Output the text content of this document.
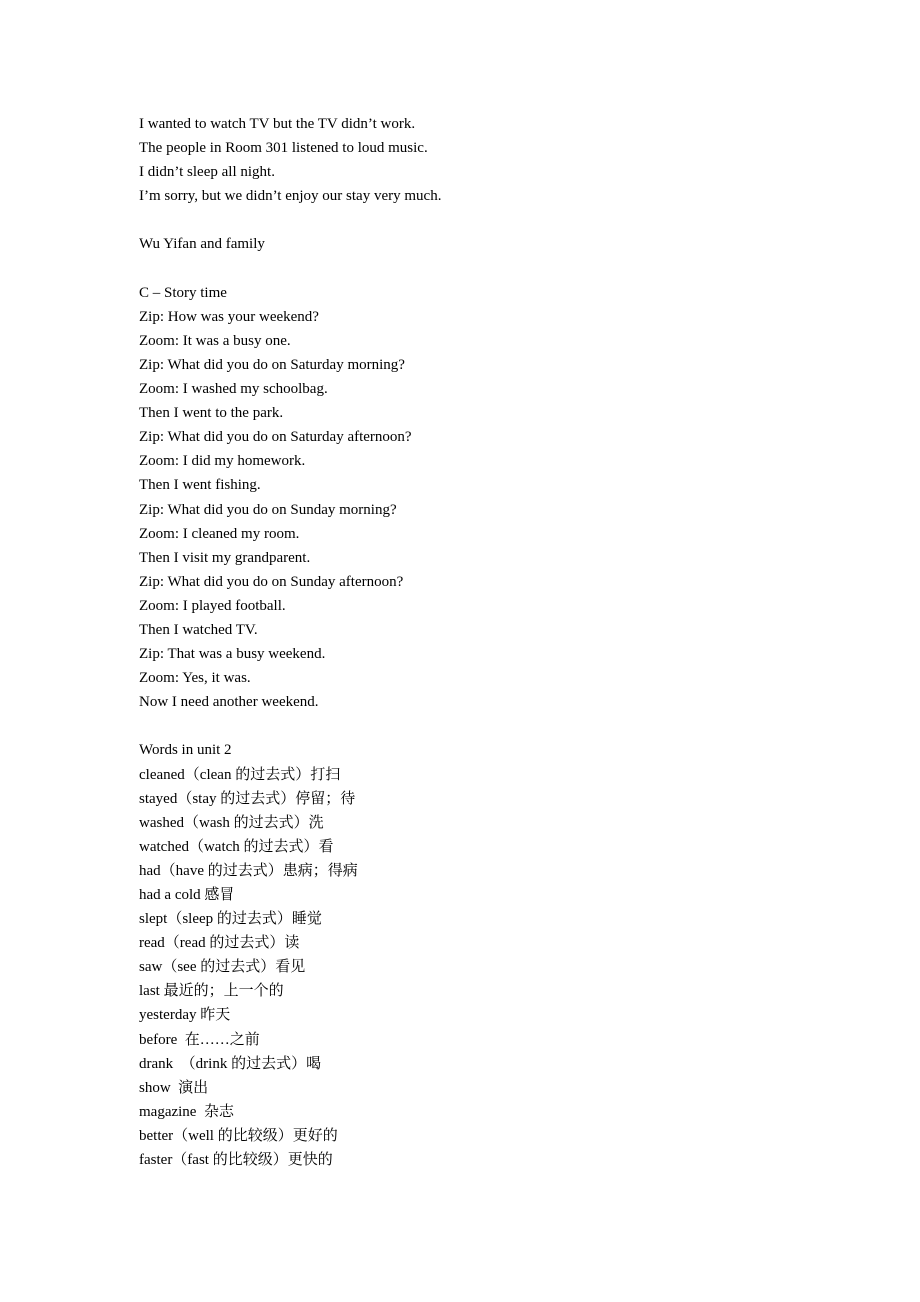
I wanted to watch TV but the TV didn’t work.
The people in Room 301 listened to loud music.
I didn’t sleep all night.
I’m sorry, but we didn’t enjoy our stay very much.
Wu Yifan and family
C – Story time
Zip: How was your weekend?
Zoom: It was a busy one.
Zip: What did you do on Saturday morning?
Zoom: I washed my schoolbag.
Then I went to the park.
Zip: What did you do on Saturday afternoon?
Zoom: I did my homework.
Then I went fishing.
Zip: What did you do on Sunday morning?
Zoom: I cleaned my room.
Then I visit my grandparent.
Zip: What did you do on Sunday afternoon?
Zoom: I played football.
Then I watched TV.
Zip: That was a busy weekend.
Zoom: Yes, it was.
Now I need another weekend.
Words in unit 2
cleaned（clean 的过去式）打扫
stayed（stay 的过去式）停留；待
washed（wash 的过去式）洗
watched（watch 的过去式）看
had（have 的过去式）患病；得病
had a cold 感冒
slept（sleep 的过去式）睡觉
read（read 的过去式）读
saw（see 的过去式）看见
last 最近的；上一个的
yesterday 昨天
before  在……之前
drank  （drink 的过去式）喝
show  演出
magazine  杂志
better（well 的比较级）更好的
faster（fast 的比较级）更快的
